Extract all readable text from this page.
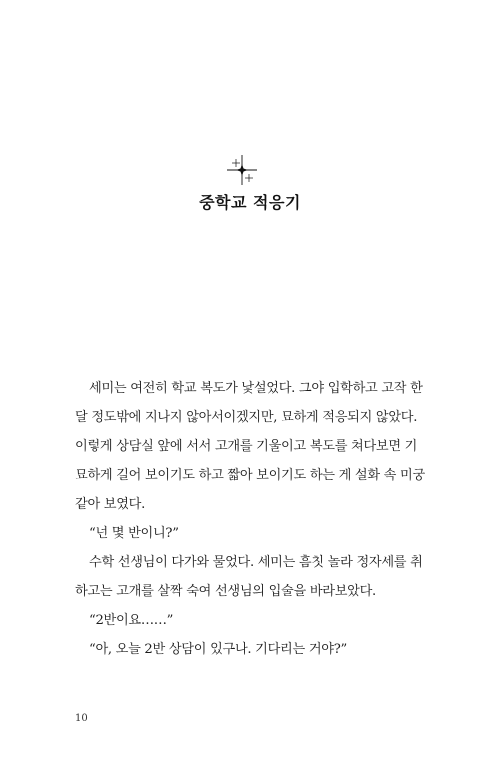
중학교 적응기
세미는 여전히 학교 복도가 낯설었다. 그야 입학하고 고작 한
달 정도밖에 지나지 않아서이겠지만, 묘하게 적응되지 않았다.
이렇게 상담실 앞에 서서 고개를 기울이고 복도를 쳐다보면 기
묘하게 길어 보이기도 하고 짧아 보이기도 하는 게 설화 속 미궁
같아 보였다.
“넌 몇 반이니?”
수학 선생님이 다가와 물었다. 세미는 흠칫 놀라 정자세를 취
하고는 고개를 살짝 숙여 선생님의 입술을 바라보았다.
“2반이요……”
“아, 오늘 2반 상담이 있구나. 기다리는 거야?”
10
